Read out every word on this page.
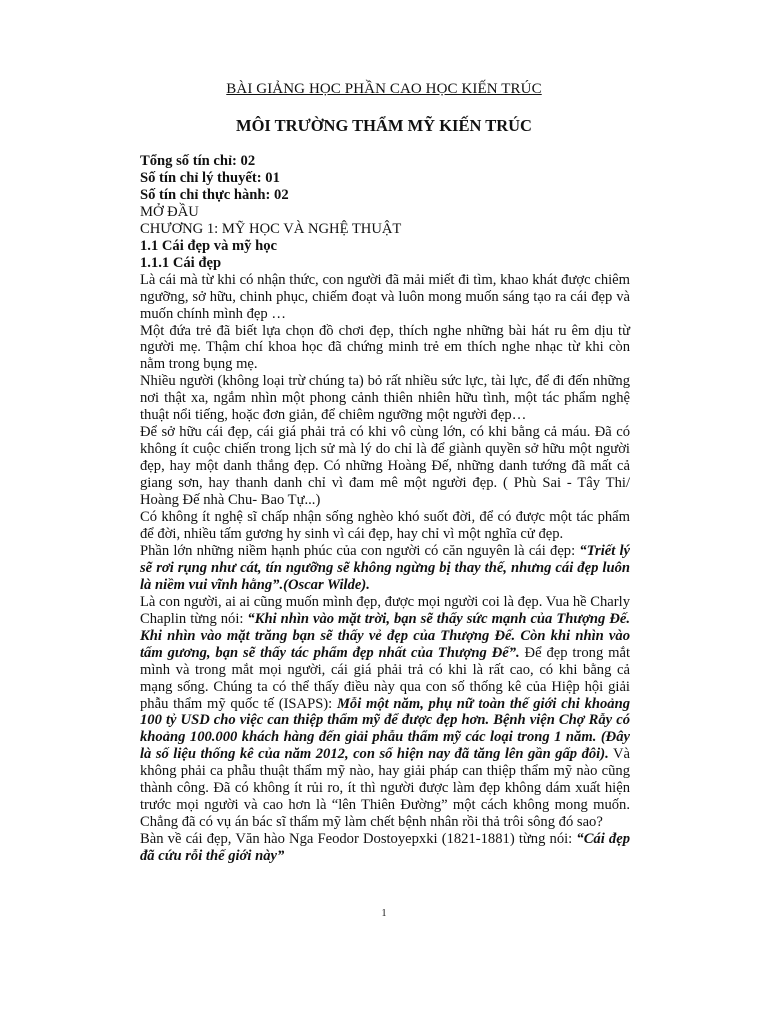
BÀI GIẢNG HỌC PHẦN CAO HỌC KIẾN TRÚC
MÔI TRƯỜNG THẨM MỸ KIẾN TRÚC

Tổng số tín chỉ: 02

Số tín chỉ lý thuyết: 01

Số tín chỉ thực hành: 02

MỞ ĐẦU

CHƯƠNG 1: MỸ HỌC VÀ NGHỆ THUẬT

1.1 Cái đẹp và mỹ học

1.1.1 Cái đẹp

Là cái mà từ khi có nhận thức, con người đã mải miết đi tìm, khao khát được chiêm ngưỡng, sở hữu, chinh phục, chiếm đoạt và luôn mong muốn sáng tạo ra cái đẹp và muốn chính mình đẹp …

Một đứa trẻ đã biết lựa chọn đồ chơi đẹp, thích nghe những bài hát ru êm dịu từ người mẹ. Thậm chí khoa học đã chứng minh trẻ em thích nghe nhạc từ khi còn nằm trong bụng mẹ.

Nhiều người (không loại trừ chúng ta) bỏ rất nhiều sức lực, tài lực, để đi đến những nơi thật xa, ngắm nhìn một phong cảnh thiên nhiên hữu tình, một tác phẩm nghệ thuật nổi tiếng, hoặc đơn giản, để chiêm ngưỡng một người đẹp…

Để sở hữu cái đẹp, cái giá phải trả có khi vô cùng lớn, có khi bằng cả máu. Đã có không ít cuộc chiến trong lịch sử mà lý do chỉ là để giành quyền sở hữu một người đẹp, hay một danh thắng đẹp. Có những Hoàng Đế, những danh tướng đã mất cả giang sơn, hay thanh danh chỉ vì đam mê một người đẹp. ( Phù Sai - Tây Thi/ Hoàng Đế nhà Chu- Bao Tự...)

Có không ít nghệ sĩ chấp nhận sống nghèo khó suốt đời, để có được một tác phẩm để đời, nhiều tấm gương hy sinh vì cái đẹp, hay chỉ vì một nghĩa cử đẹp.

Phần lớn những niềm hạnh phúc của con người có căn nguyên là cái đẹp: “Triết lý sẽ rơi rụng như cát, tín ngưỡng sẽ không ngừng bị thay thế, nhưng cái đẹp luôn là niềm vui vĩnh hằng”.(Oscar Wilde).

Là con người, ai ai cũng muốn mình đẹp, được mọi người coi là đẹp. Vua hề Charly Chaplin từng nói: “Khi nhìn vào mặt trời, bạn sẽ thấy sức mạnh của Thượng Đế. Khi nhìn vào mặt trăng bạn sẽ thấy vẻ đẹp của Thượng Đế. Còn khi nhìn vào tấm gương, bạn sẽ thấy tác phẩm đẹp nhất của Thượng Đế”. Để đẹp trong mắt mình và trong mắt mọi người, cái giá phải trả có khi là rất cao, có khi bằng cả mạng sống. Chúng ta có thể thấy điều này qua con số thống kê của Hiệp hội giải phẫu thẩm mỹ quốc tế (ISAPS): Mỗi một năm, phụ nữ toàn thế giới chi khoảng 100 tỷ USD cho việc can thiệp thẩm mỹ để được đẹp hơn. Bệnh viện Chợ Rẫy có khoảng 100.000 khách hàng đến giải phẫu thẩm mỹ các loại trong 1 năm. (Đây là số liệu thống kê của năm 2012, con số hiện nay đã tăng lên gần gấp đôi). Và không phải ca phẫu thuật thẩm mỹ nào, hay giải pháp can thiệp thẩm mỹ nào cũng thành công. Đã có không ít rủi ro, ít thì người được làm đẹp không dám xuất hiện trước mọi người và cao hơn là “lên Thiên Đường” một cách không mong muốn. Chẳng đã có vụ án bác sĩ thẩm mỹ làm chết bệnh nhân rồi thả trôi sông đó sao?

Bàn về cái đẹp, Văn hào Nga Feodor Dostoyepxki (1821-1881) từng nói: “Cái đẹp đã cứu rỗi thế giới này”

1
